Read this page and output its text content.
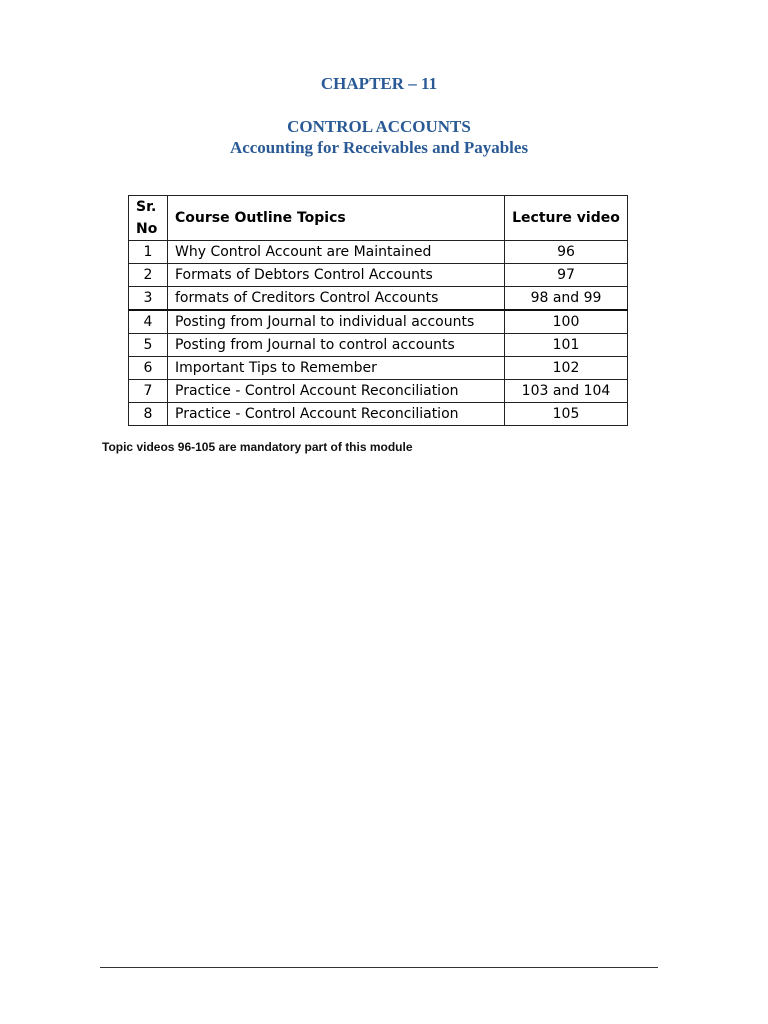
CHAPTER – 11
CONTROL ACCOUNTS
Accounting for Receivables and Payables
Sr.
No	Course Outline Topics	Lecture video
1	Why Control Account are Maintained	96
2	Formats of Debtors Control Accounts	97
3	formats of Creditors Control Accounts	98 and 99
4	Posting from Journal to individual accounts	100
5	Posting from Journal to control accounts	101
6	Important Tips to Remember	102
7	Practice - Control Account Reconciliation	103 and 104
8	Practice - Control Account Reconciliation	105
Topic videos 96-105 are mandatory part of this module
